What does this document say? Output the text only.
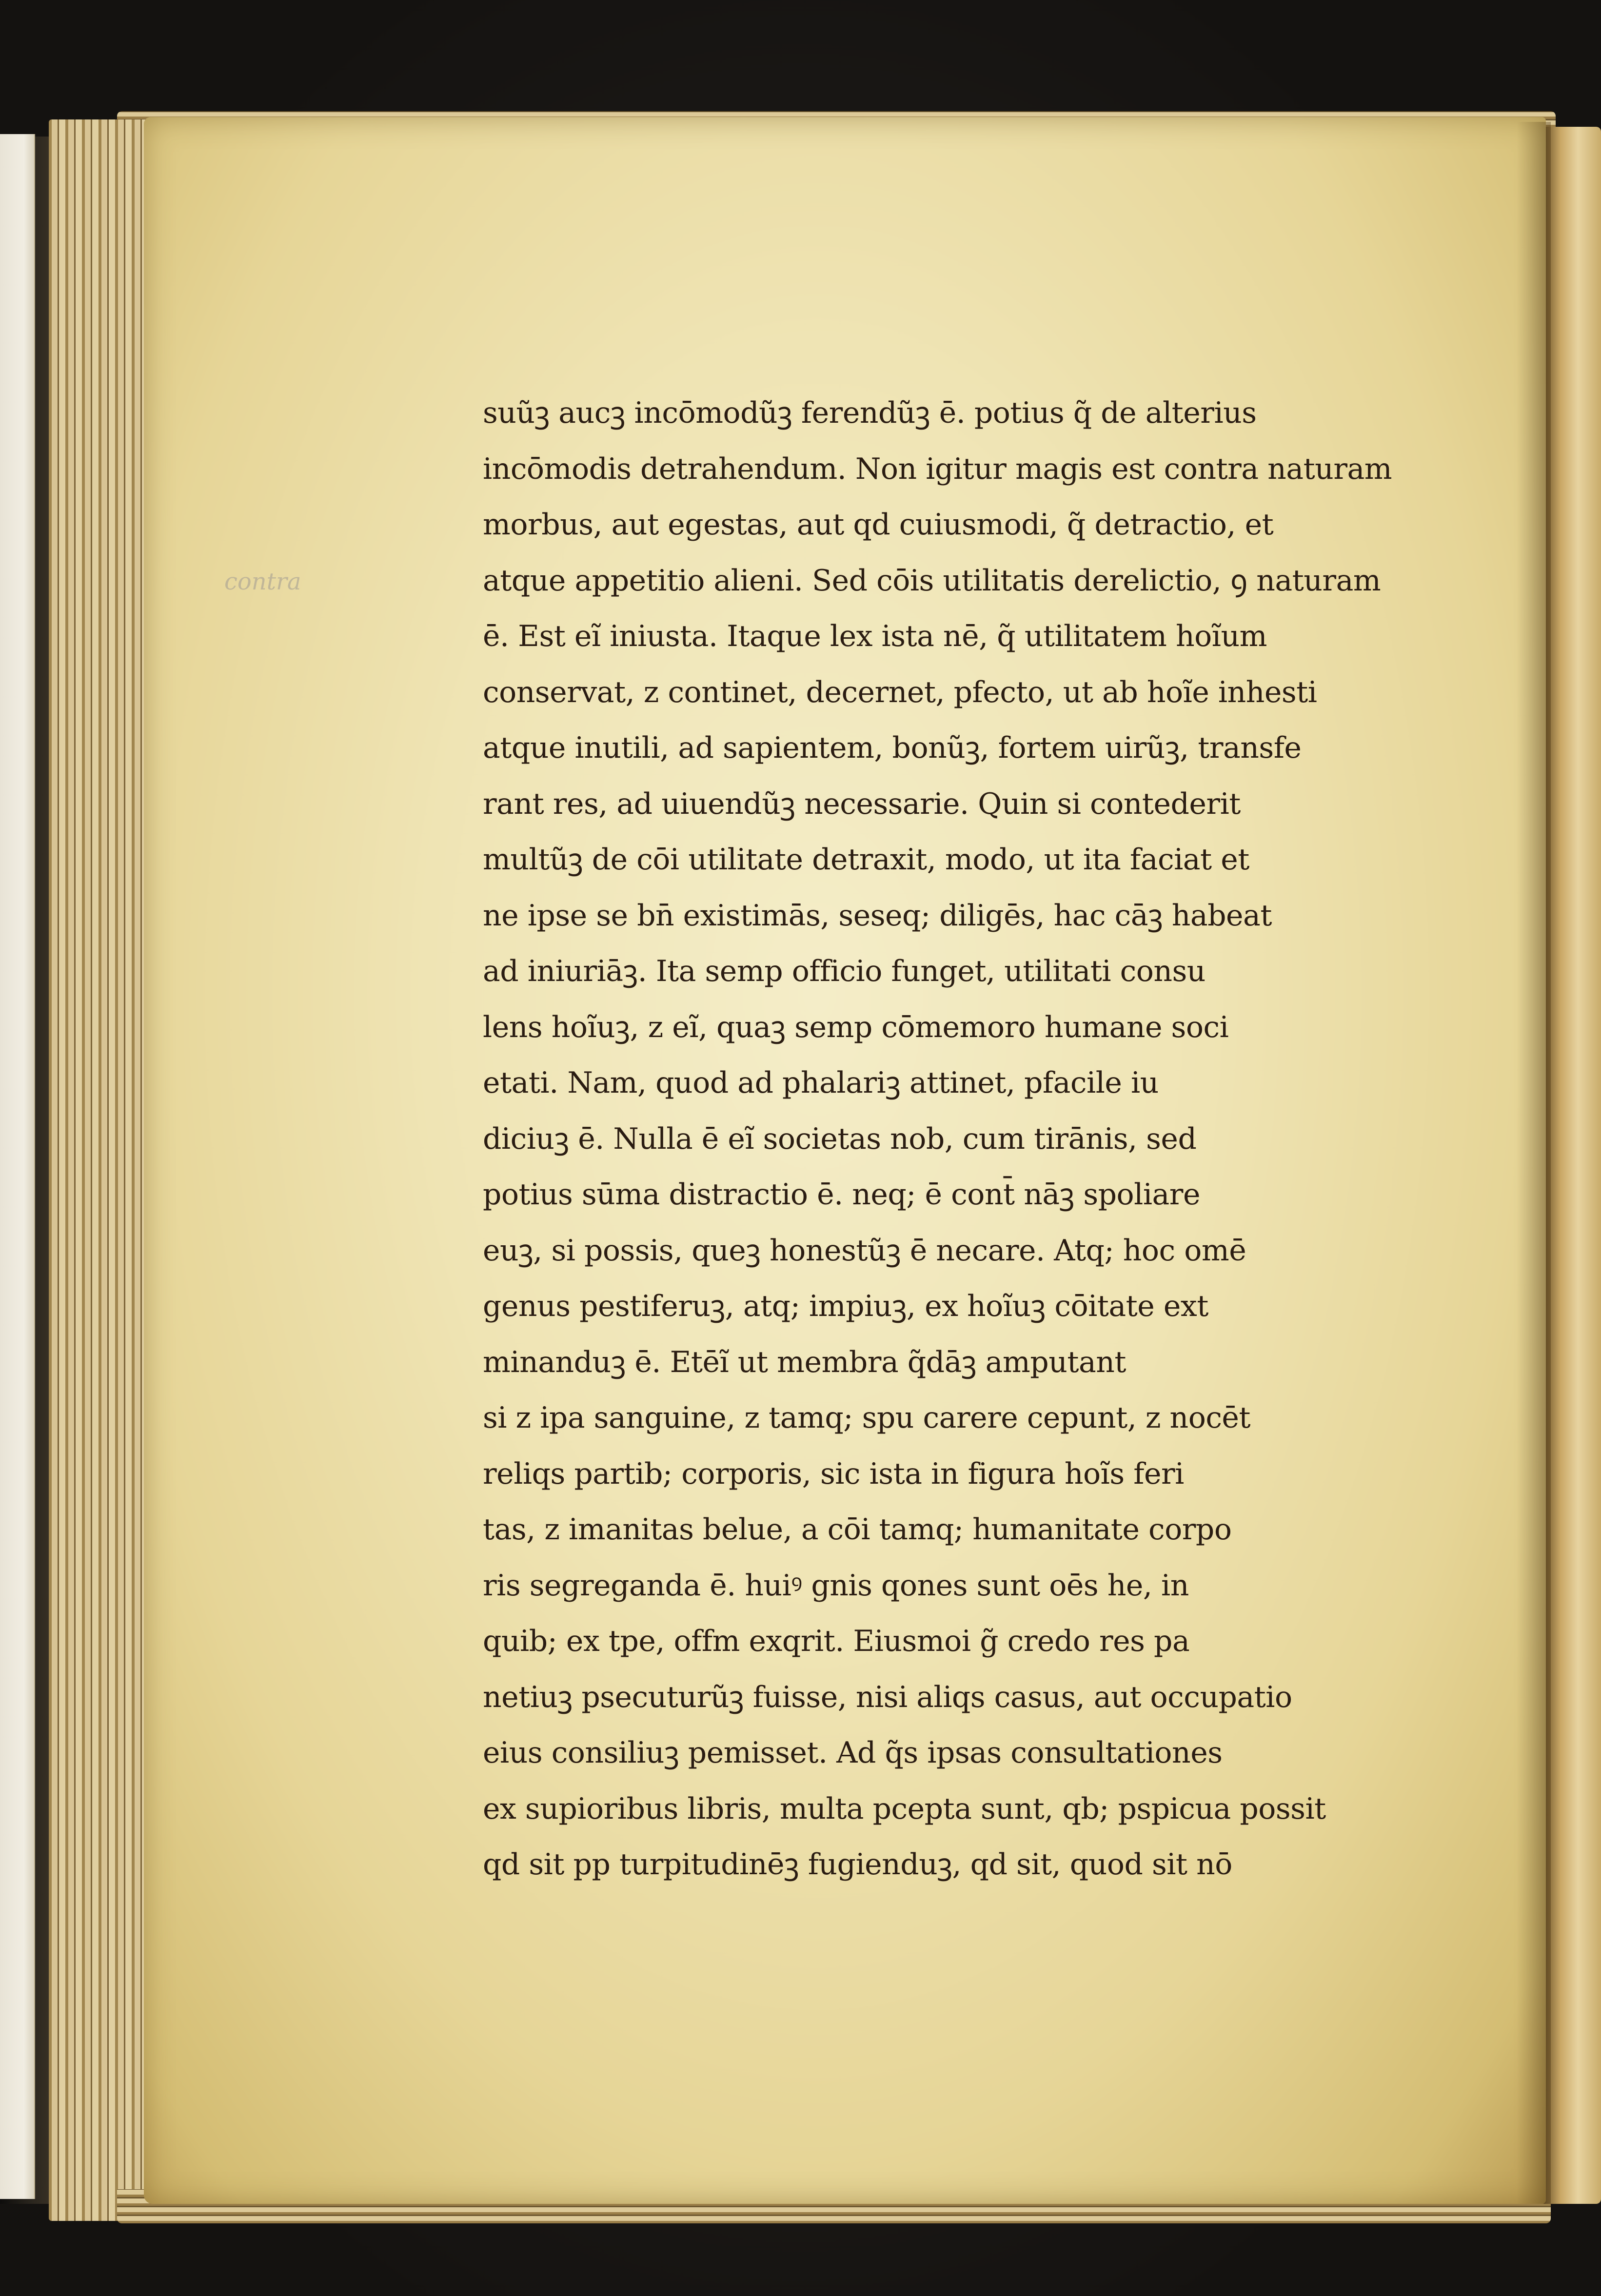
contra
suũꝫ aucꝫ incōmodũꝫ ferendũꝫ ē. potius q̃ de alterius
incōmodis detrahendum. Non igitur magis est contra naturam
morbus, aut egestas, aut qd cuiusmodi, q̃ detractio, et
atque appetitio alieni. Sed cōis utilitatis derelictio, ꝯ naturam
ē. Est eĩ iniusta. Itaque lex ista nē, q̃ utilitatem hoĩum
conservat, z continet, decernet, pfecto, ut ab hoĩe inhesti
atque inutili, ad sapientem, bonũꝫ, fortem uirũꝫ, transfe
rant res, ad uiuendũꝫ necessarie. Quin si contederit
multũꝫ de cōi utilitate detraxit, modo, ut ita faciat et
ne ipse se bn̄ existimās, seseq; diligēs, hac cāꝫ habeat
ad iniuriāꝫ. Ita semp officio funget, utilitati consu
lens hoĩuꝫ, z eĩ, quaꝫ semp cōmemoro humane soci
etati. Nam, quod ad phalariꝫ attinet, pfacile iu
diciuꝫ ē. Nulla ē eĩ societas nob, cum tirānis, sed
potius sūma distractio ē. neq; ē cont̄ nāꝫ spoliare
euꝫ, si possis, queꝫ honestũꝫ ē necare. Atq; hoc omē
genus pestiferuꝫ, atq; impiuꝫ, ex hoĩuꝫ cōitate ext
minanduꝫ ē. Etēĩ ut membra q̃dāꝫ amputant
si z ipa sanguine, z tamq; spu carere cepunt, z nocēt
reliqs partib; corporis, sic ista in figura hoĩs feri
tas, z imanitas belue, a cōi tamq; humanitate corpo
ris segreganda ē. huiꝰ gnis qones sunt oēs he, in
quib; ex tpe, offm exqrit. Eiusmoi g̃ credo res pa
netiuꝫ psecuturũꝫ fuisse, nisi aliqs casus, aut occupatio
eius consiliuꝫ pemisset. Ad q̃s ipsas consultationes
ex supioribus libris, multa pcepta sunt, qb; pspicua possit
qd sit pp turpitudinēꝫ fugienduꝫ, qd sit, quod sit nō
